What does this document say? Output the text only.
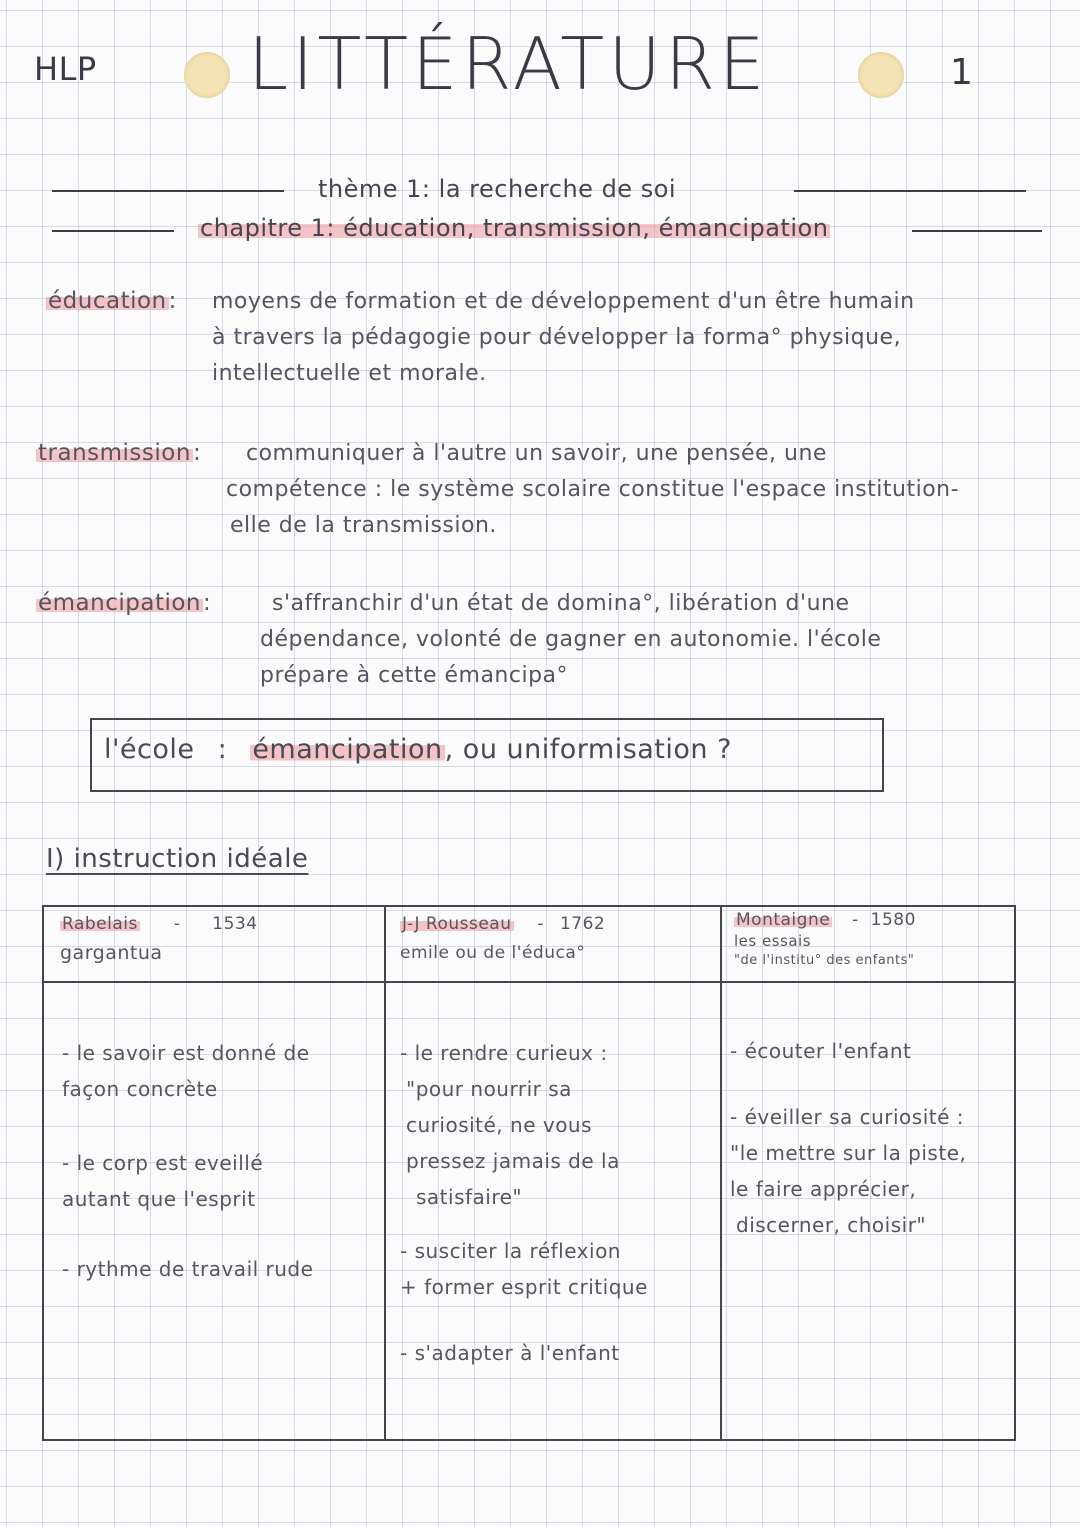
HLP LITTÉRATURE	1
thème 1: la recherche de soi
chapitre 1: éducation, transmission, émancipation
éducation: moyens de formation et de développement d'un être humain
à travers la pédagogie pour développer la forma° physique,
intellectuelle et morale.
transmission: communiquer à l'autre un savoir, une pensée, une
compétence : le système scolaire constitue l'espace institution-
elle de la transmission.
émancipation:	s'affranchir d'un état de domina°, libération d'une
dépendance, volonté de gagner en autonomie. l'école
prépare à cette émancipa°
l'école : émancipation, ou uniformisation ?
I) instruction idéale
Rabelais - 1534
gargantua

- le savoir est donné de

façon concrète

- le corp est eveillé

autant que l'esprit

- rythme de travail rude

J-J Rousseau - 1762
emile ou de l'éduca°

- le rendre curieux :

"pour nourrir sa

curiosité, ne vous

pressez jamais de la

satisfaire"

- susciter la réflexion

+ former esprit critique

- s'adapter à l'enfant

Montaigne - 1580
les essais
"de l'institu° des enfants"

- écouter l'enfant

- éveiller sa curiosité :

"le mettre sur la piste,

le faire apprécier,

discerner, choisir"
